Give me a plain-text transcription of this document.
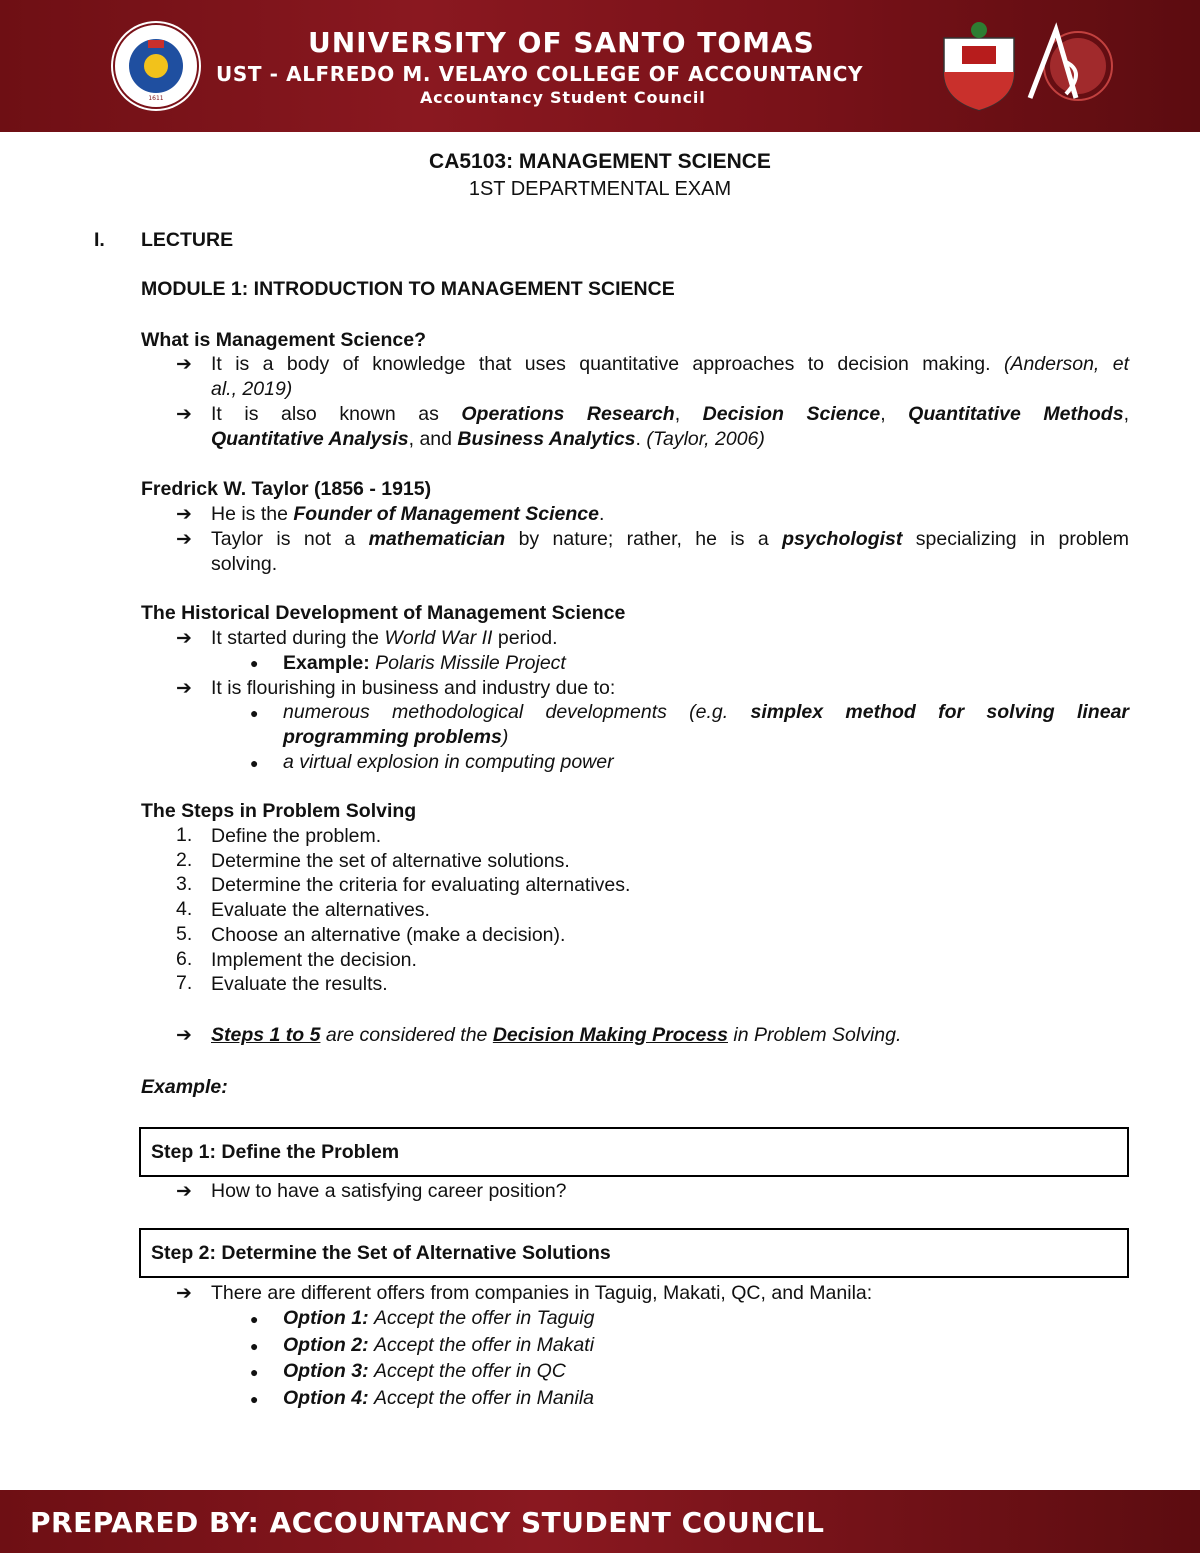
1611
UNIVERSITY OF SANTO TOMAS
UST - ALFREDO M. VELAYO COLLEGE OF ACCOUNTANCY
Accountancy Student Council
CA5103: MANAGEMENT SCIENCE
1ST DEPARTMENTAL EXAM
I. LECTURE
MODULE 1: INTRODUCTION TO MANAGEMENT SCIENCE
What is Management Science?
➔ It is a body of knowledge that uses quantitative approaches to decision making. (Anderson, et
al., 2019)
➔ It is also known as Operations Research, Decision Science, Quantitative Methods,
Quantitative Analysis, and Business Analytics. (Taylor, 2006)
Fredrick W. Taylor (1856 - 1915)
➔ He is the Founder of Management Science.
➔ Taylor is not a mathematician by nature; rather, he is a psychologist specializing in problem
solving.
The Historical Development of Management Science
➔ It started during the World War II period.
● Example: Polaris Missile Project
➔ It is flourishing in business and industry due to:
● numerous methodological developments (e.g. simplex method for solving linear
programming problems)
● a virtual explosion in computing power
The Steps in Problem Solving
1. Define the problem.
2. Determine the set of alternative solutions.
3. Determine the criteria for evaluating alternatives.
4. Evaluate the alternatives.
5. Choose an alternative (make a decision).
6. Implement the decision.
7. Evaluate the results.
➔ Steps 1 to 5 are considered the Decision Making Process in Problem Solving.
Example:
Step 1: Define the Problem
➔ How to have a satisfying career position?
Step 2: Determine the Set of Alternative Solutions
➔ There are different offers from companies in Taguig, Makati, QC, and Manila:
● Option 1: Accept the offer in Taguig
● Option 2: Accept the offer in Makati
● Option 3: Accept the offer in QC
● Option 4: Accept the offer in Manila
PREPARED BY: ACCOUNTANCY STUDENT COUNCIL
